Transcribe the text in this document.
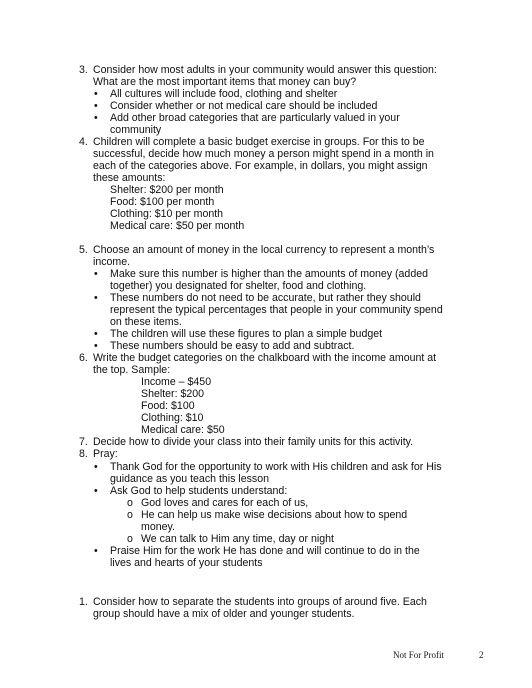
3. Consider how most adults in your community would answer this question:
What are the most important items that money can buy?
• All cultures will include food, clothing and shelter
• Consider whether or not medical care should be included
• Add other broad categories that are particularly valued in your
community
4. Children will complete a basic budget exercise in groups. For this to be
successful, decide how much money a person might spend in a month in
each of the categories above. For example, in dollars, you might assign
these amounts:
Shelter: $200 per month
Food: $100 per month
Clothing: $10 per month
Medical care: $50 per month
5. Choose an amount of money in the local currency to represent a month’s
income.
• Make sure this number is higher than the amounts of money (added
together) you designated for shelter, food and clothing.
• These numbers do not need to be accurate, but rather they should
represent the typical percentages that people in your community spend
on these items.
• The children will use these figures to plan a simple budget
• These numbers should be easy to add and subtract.
6. Write the budget categories on the chalkboard with the income amount at
the top. Sample:
Income – $450
Shelter: $200
Food: $100
Clothing: $10
Medical care: $50
7. Decide how to divide your class into their family units for this activity.
8. Pray:
• Thank God for the opportunity to work with His children and ask for His
guidance as you teach this lesson
• Ask God to help students understand:
o God loves and cares for each of us,
o He can help us make wise decisions about how to spend
money.
o We can talk to Him any time, day or night
• Praise Him for the work He has done and will continue to do in the
lives and hearts of your students
1. Consider how to separate the students into groups of around five. Each
group should have a mix of older and younger students.
Not For Profit	2
